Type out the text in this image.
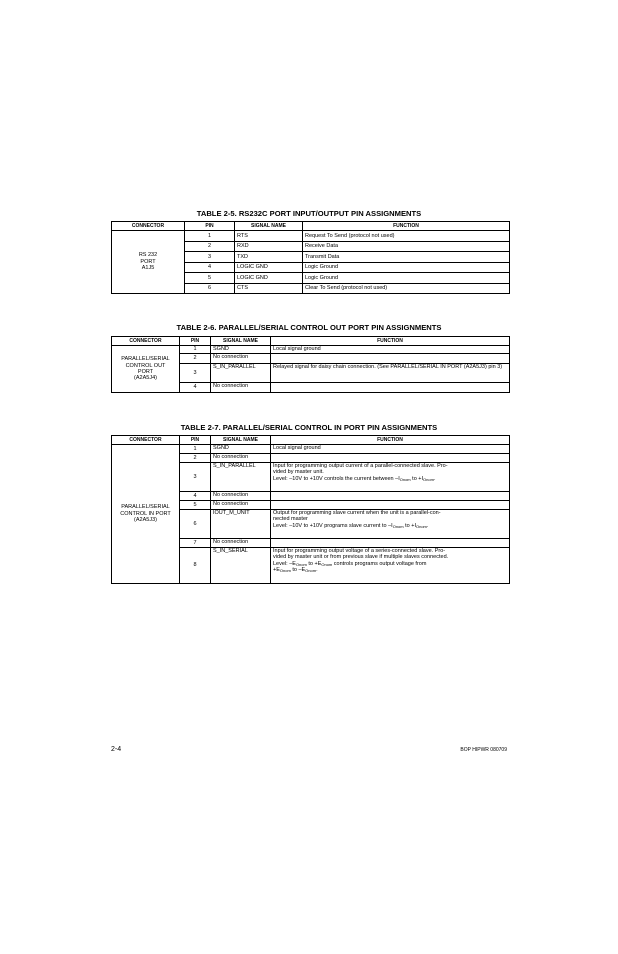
TABLE 2-5. RS232C PORT INPUT/OUTPUT PIN ASSIGNMENTS
CONNECTOR	PIN	SIGNAL NAME	FUNCTION

RS 232
PORT
A1J5	1	RTS	Request To Send (protocol not used)
	2	RXD	Receive Data
	3	TXD	Transmit Data
	4	LOGIC GND	Logic Ground
	5	LOGIC GND	Logic Ground
	6	CTS	Clear To Send (protocol not used)
TABLE 2-6. PARALLEL/SERIAL CONTROL OUT PORT PIN ASSIGNMENTS
CONNECTOR	PIN	SIGNAL NAME	FUNCTION

PARALLEL/SERIAL
CONTROL OUT
PORT
(A2A5J4)	1	SGND	Local signal ground
	2	No connection	
	3	S_IN_PARALLEL	Relayed signal for daisy chain connection. (See PARALLEL/SERIAL IN PORT (A2A5J3) pin 3)
	4	No connection	
TABLE 2-7. PARALLEL/SERIAL CONTROL IN PORT PIN ASSIGNMENTS
CONNECTOR	PIN	SIGNAL NAME	FUNCTION

PARALLEL/SERIAL
CONTROL IN PORT
(A2A5J3)	1	SGND	Local signal ground
	2	No connection	
	3	S_IN_PARALLEL	Input for programming output current of a parallel-connected slave. Pro-
vided by master unit.
Level: –10V to +10V controls the current between $-I_{Onom}$ to $+I_{Onom}$.

	4	No connection	
	5	No connection	
	6	IOUT_M_UNIT	Output for programming slave current when the unit is a parallel-con-
nected master
Level: –10V to +10V programs slave current to $-I_{Onom}$ to $+I_{Onom}$.

	7	No connection	
	8	S_IN_SERIAL	Input for programming output voltage of a series-connected slave. Pro-
vided by master unit or from previous slave if multiple slaves connected.
Level: $-E_{Onom}$ to $+E_{Onom}$ controls programs output voltage from
$+E_{Onom}$ to $-E_{Onom}$.
2-4	BOP HIPWR 080709
